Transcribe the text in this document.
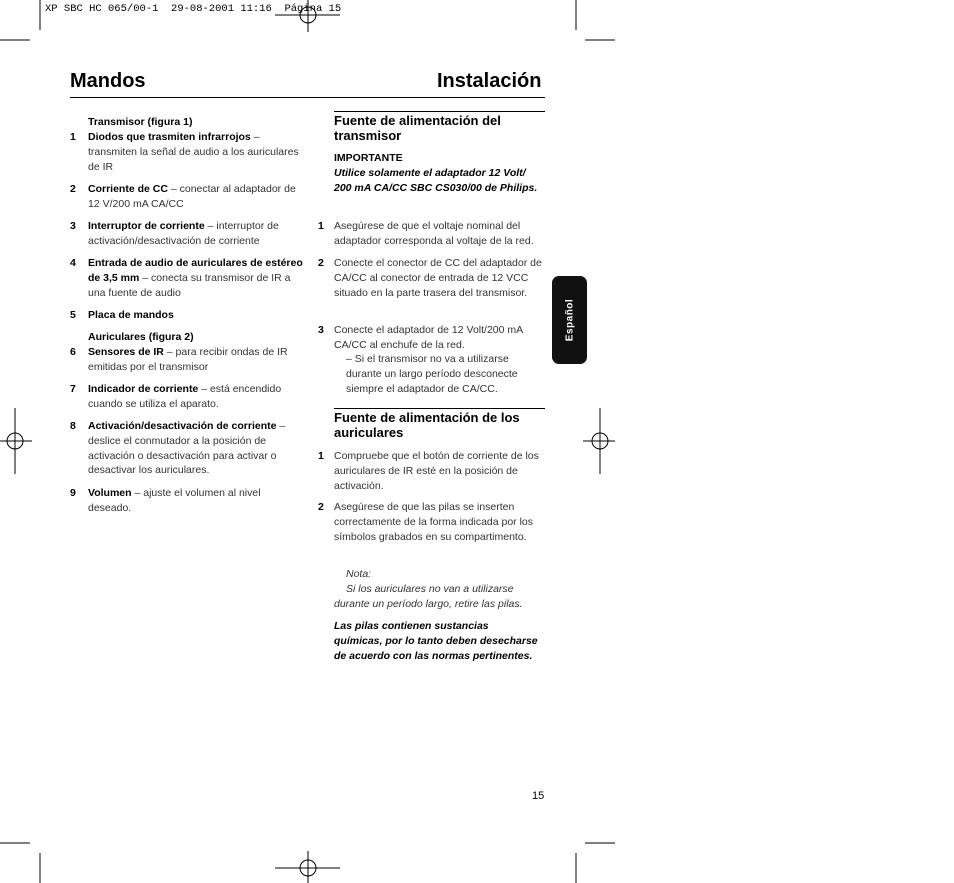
XP SBC HC 065/00-1  29-08-2001 11:16  Página 15
Mandos	Instalación
Transmisor (figura 1)
Auriculares (figura 2)
Fuente de alimentación del transmisor
IMPORTANTE
Utilice solamente el adaptador 12 Volt/ 200 mA CA/CC SBC CS030/00 de Philips.
– Si el transmisor no va a utilizarse durante un largo período desconecte siempre el adaptador de CA/CC.
Fuente de alimentación de los auriculares
Nota:
Si los auriculares no van a utilizarse durante un período largo, retire las pilas.
Las pilas contienen sustancias químicas, por lo tanto deben desecharse de acuerdo con las normas pertinentes.
Español
15
1 Diodos que trasmiten infrarrojos – transmiten la señal de audio a los auriculares de IR
2 Corriente de CC – conectar al adaptador de 12 V/200 mA CA/CC
3 Interruptor de corriente – interruptor de activación/desactivación de corriente
4 Entrada de audio de auriculares de estéreo de 3,5 mm – conecta su transmisor de IR a una fuente de audio
5 Placa de mandos
6 Sensores de IR – para recibir ondas de IR emitidas por el transmisor
7 Indicador de corriente – está encendido cuando se utiliza el aparato.
8 Activación/desactivación de corriente – deslice el conmutador a la posición de activación o desactivación para activar o desactivar los auriculares.
9 Volumen – ajuste el volumen al nivel deseado.
1 Asegúrese de que el voltaje nominal del adaptador corresponda al voltaje de la red.
2 Conecte el conector de CC del adaptador de CA/CC al conector de entrada de 12 VCC situado en la parte trasera del transmisor.
3 Conecte el adaptador de 12 Volt/200 mA CA/CC al enchufe de la red.
1 Compruebe que el botón de corriente de los auriculares de IR esté en la posición de activación.
2 Asegúrese de que las pilas se inserten correctamente de la forma indicada por los símbolos grabados en su compartimento.
